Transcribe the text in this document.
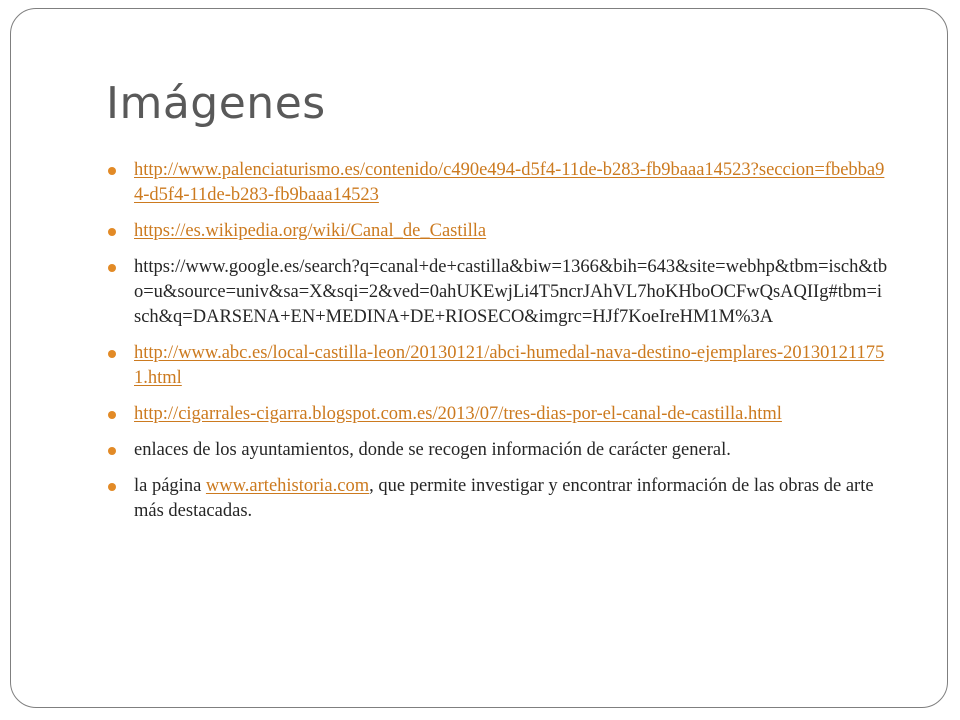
Imágenes
http://www.palenciaturismo.es/contenido/c490e494-d5f4-11de-b283-fb9baaa14523?seccion=fbebba94-d5f4-11de-b283-fb9baaa14523
https://es.wikipedia.org/wiki/Canal_de_Castilla
https://www.google.es/search?q=canal+de+castilla&biw=1366&bih=643&site=webhp&tbm=isch&tbo=u&source=univ&sa=X&sqi=2&ved=0ahUKEwjLi4T5ncrJAhVL7hoKHboOCFwQsAQIIg#tbm=isch&q=DARSENA+EN+MEDINA+DE+RIOSECO&imgrc=HJf7KoeIreHM1M%3A
http://www.abc.es/local-castilla-leon/20130121/abci-humedal-nava-destino-ejemplares-201301211751.html
http://cigarrales-cigarra.blogspot.com.es/2013/07/tres-dias-por-el-canal-de-castilla.html
enlaces de los ayuntamientos, donde se recogen información de carácter general.
la página www.artehistoria.com, que permite investigar y encontrar información de las obras de arte más destacadas.
